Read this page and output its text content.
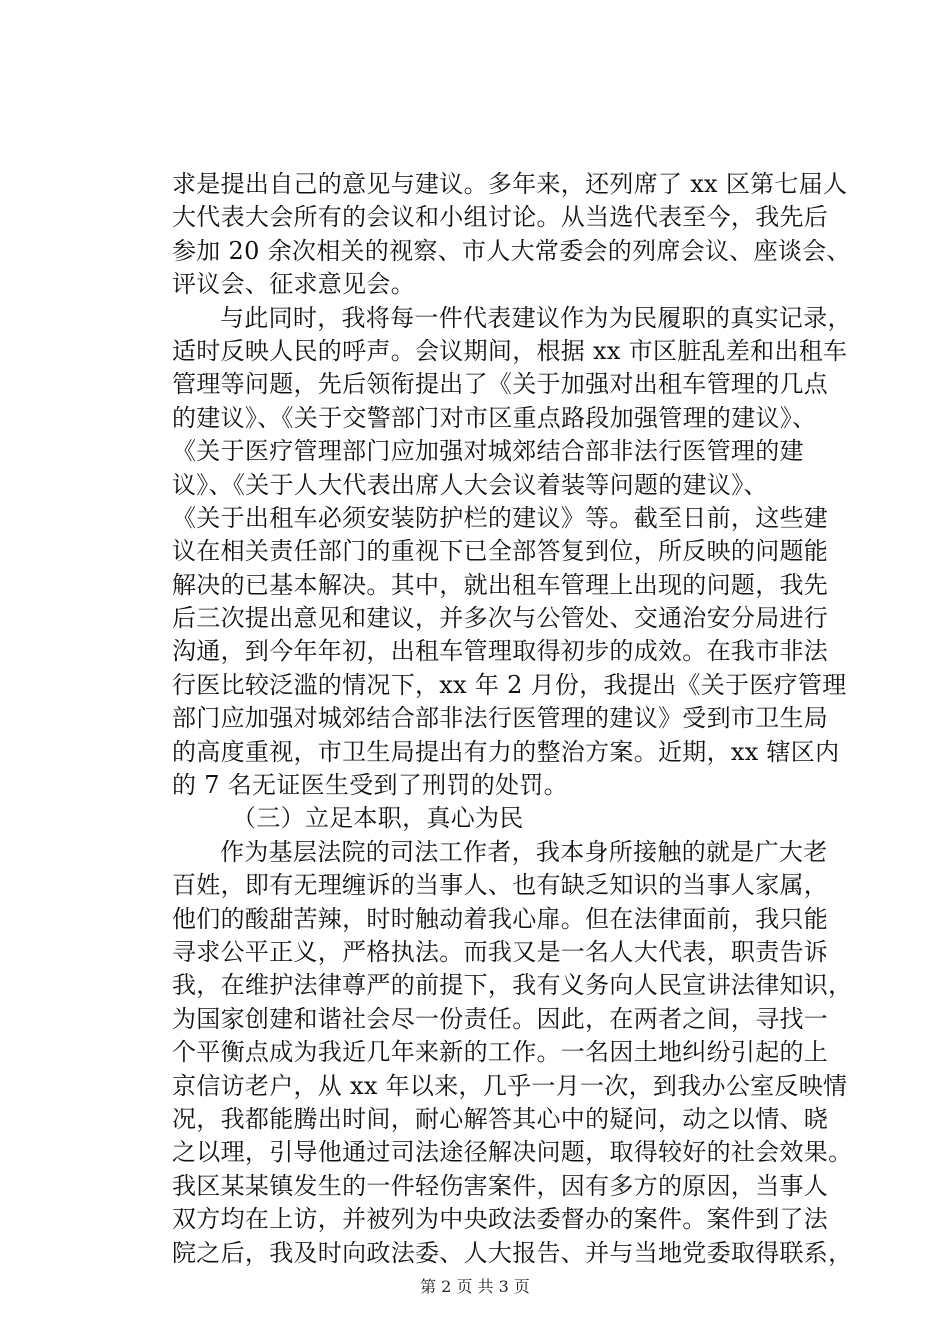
求是提出自己的意见与建议。多年来，还列席了 xx 区第七届人
大代表大会所有的会议和小组讨论。从当选代表至今，我先后
参加 20 余次相关的视察、市人大常委会的列席会议、座谈会、
评议会、征求意见会。
与此同时，我将每一件代表建议作为为民履职的真实记录，
适时反映人民的呼声。会议期间，根据 xx 市区脏乱差和出租车
管理等问题，先后领衔提出了《关于加强对出租车管理的几点
的建议》、《关于交警部门对市区重点路段加强管理的建议》、
《关于医疗管理部门应加强对城郊结合部非法行医管理的建
议》、《关于人大代表出席人大会议着装等问题的建议》、
《关于出租车必须安装防护栏的建议》等。截至日前，这些建
议在相关责任部门的重视下已全部答复到位，所反映的问题能
解决的已基本解决。其中，就出租车管理上出现的问题，我先
后三次提出意见和建议，并多次与公管处、交通治安分局进行
沟通，到今年年初，出租车管理取得初步的成效。在我市非法
行医比较泛滥的情况下，xx 年 2 月份，我提出《关于医疗管理
部门应加强对城郊结合部非法行医管理的建议》受到市卫生局
的高度重视，市卫生局提出有力的整治方案。近期，xx 辖区内
的 7 名无证医生受到了刑罚的处罚。
（三）立足本职，真心为民
作为基层法院的司法工作者，我本身所接触的就是广大老
百姓，即有无理缠诉的当事人、也有缺乏知识的当事人家属，
他们的酸甜苦辣，时时触动着我心扉。但在法律面前，我只能
寻求公平正义，严格执法。而我又是一名人大代表，职责告诉
我，在维护法律尊严的前提下，我有义务向人民宣讲法律知识，
为国家创建和谐社会尽一份责任。因此，在两者之间，寻找一
个平衡点成为我近几年来新的工作。一名因土地纠纷引起的上
京信访老户，从 xx 年以来，几乎一月一次，到我办公室反映情
况，我都能腾出时间，耐心解答其心中的疑问，动之以情、晓
之以理，引导他通过司法途径解决问题，取得较好的社会效果。
我区某某镇发生的一件轻伤害案件，因有多方的原因，当事人
双方均在上访，并被列为中央政法委督办的案件。案件到了法
院之后，我及时向政法委、人大报告、并与当地党委取得联系，
第 2 页 共 3 页
